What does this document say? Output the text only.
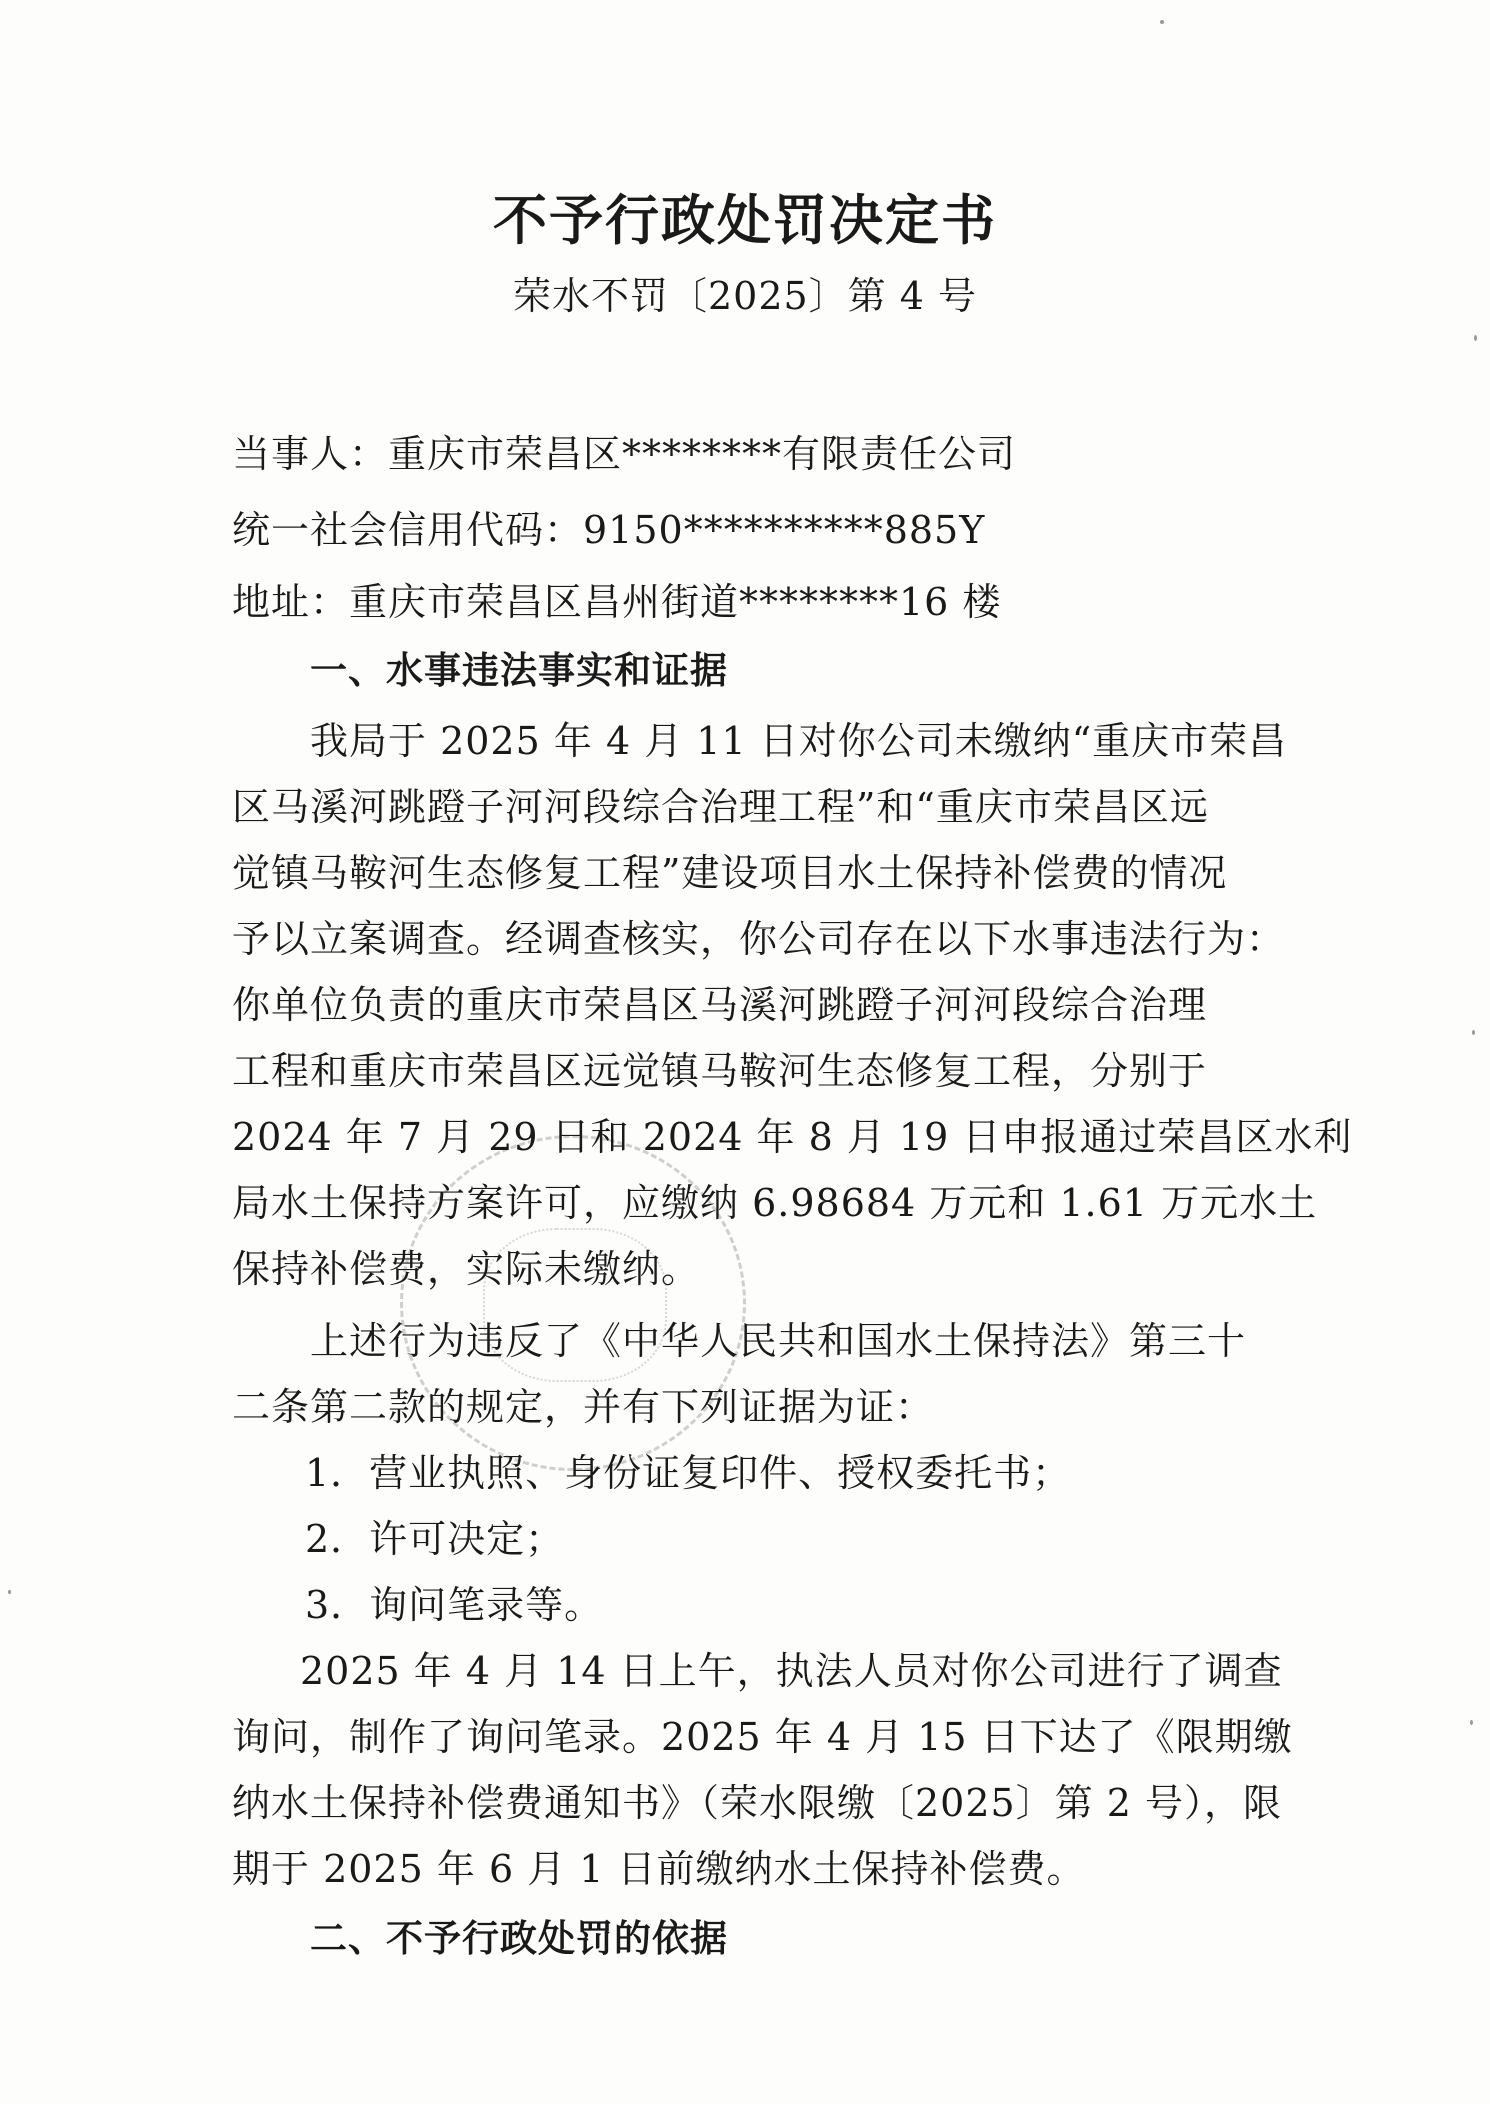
不予行政处罚决定书
荣水不罚〔2025〕第 4 号
当事人：重庆市荣昌区********有限责任公司
统一社会信用代码：9150**********885Y
地址：重庆市荣昌区昌州街道********16 楼
一、水事违法事实和证据
我局于 2025 年 4 月 11 日对你公司未缴纳“重庆市荣昌
区马溪河跳蹬子河河段综合治理工程”和“重庆市荣昌区远
觉镇马鞍河生态修复工程”建设项目水土保持补偿费的情况
予以立案调查。经调查核实，你公司存在以下水事违法行为：
你单位负责的重庆市荣昌区马溪河跳蹬子河河段综合治理
工程和重庆市荣昌区远觉镇马鞍河生态修复工程，分别于
2024 年 7 月 29 日和 2024 年 8 月 19 日申报通过荣昌区水利
局水土保持方案许可，应缴纳 6.98684 万元和 1.61 万元水土
保持补偿费，实际未缴纳。
上述行为违反了《中华人民共和国水土保持法》第三十
二条第二款的规定，并有下列证据为证：
1．营业执照、身份证复印件、授权委托书；
2．许可决定；
3．询问笔录等。
2025 年 4 月 14 日上午，执法人员对你公司进行了调查
询问，制作了询问笔录。2025 年 4 月 15 日下达了《限期缴
纳水土保持补偿费通知书》（荣水限缴〔2025〕第 2 号），限
期于 2025 年 6 月 1 日前缴纳水土保持补偿费。
二、不予行政处罚的依据
